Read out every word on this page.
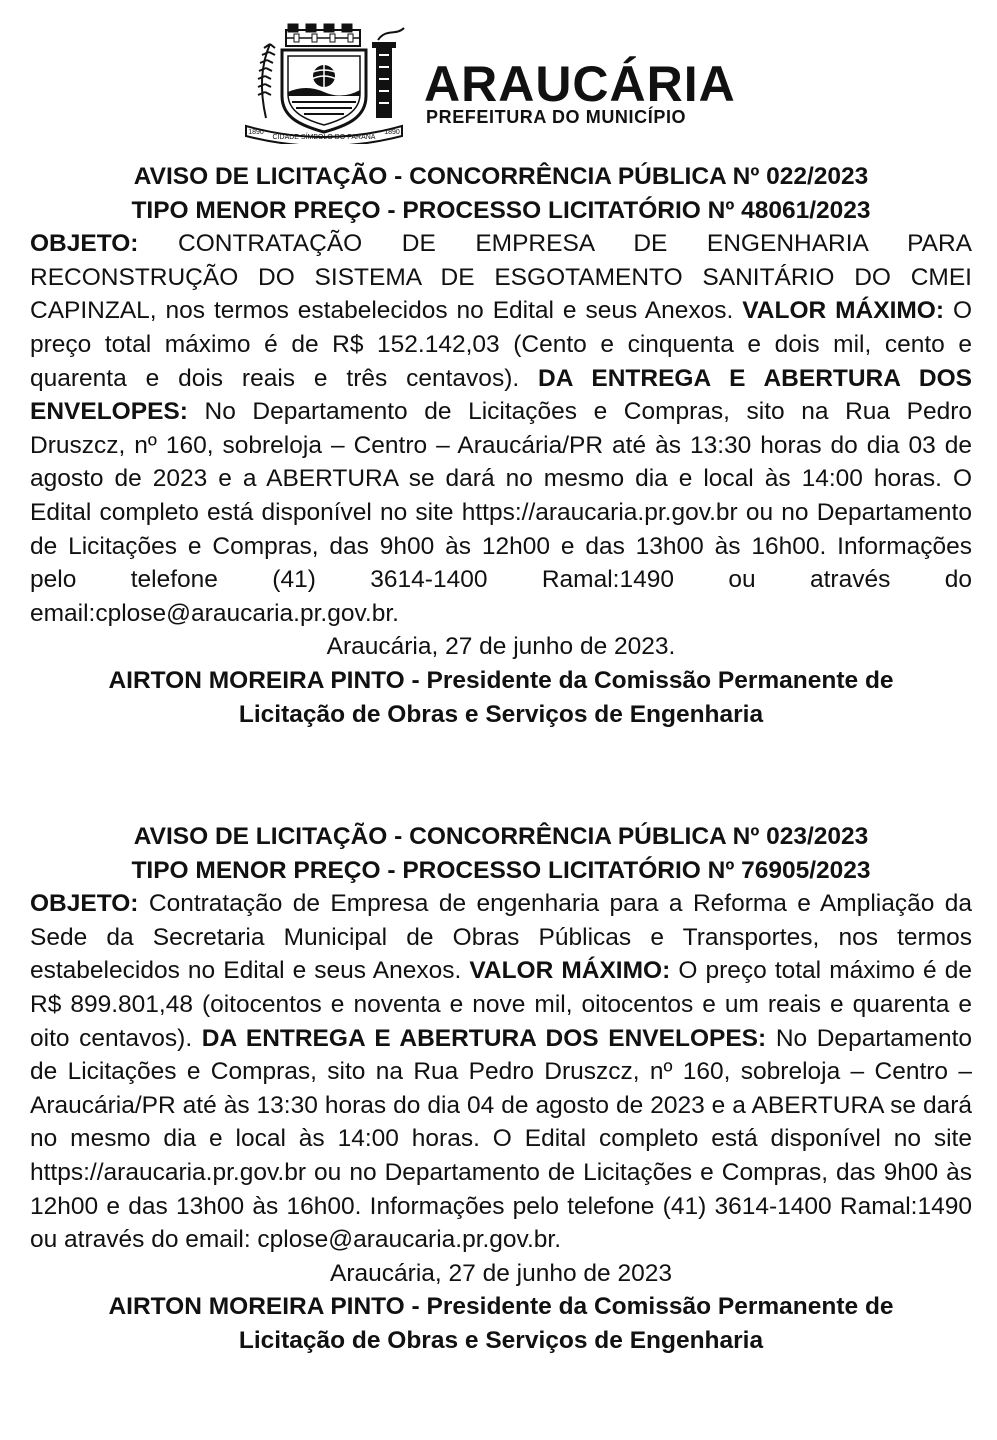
CIDADE SÍMBOLO DO PARANÁ
1890	1890

ARAUCÁRIA

PREFEITURA DO MUNICÍPIO

AVISO DE LICITAÇÃO - CONCORRÊNCIA PÚBLICA Nº 022/2023

TIPO MENOR PREÇO - PROCESSO LICITATÓRIO Nº 48061/2023

OBJETO: CONTRATAÇÃO DE EMPRESA DE ENGENHARIA PARA RECONSTRUÇÃO DO SISTEMA DE ESGOTAMENTO SANITÁRIO DO CMEI CAPINZAL, nos termos estabelecidos no Edital e seus Anexos. VALOR MÁXIMO: O preço total máximo é de R$ 152.142,03 (Cento e cinquenta e dois mil, cento e quarenta e dois reais e três centavos). DA ENTREGA E ABERTURA DOS ENVELOPES: No Departamento de Licitações e Compras, sito na Rua Pedro Druszcz, nº 160, sobreloja – Centro – Araucária/PR até às 13:30 horas do dia 03 de agosto de 2023 e a ABERTURA se dará no mesmo dia e local às 14:00 horas. O Edital completo está disponível no site https://araucaria.pr.gov.br ou no Departamento de Licitações e Compras, das 9h00 às 12h00 e das 13h00 às 16h00. Informações pelo telefone (41) 3614-1400 Ramal:1490 ou através do email:cplose@araucaria.pr.gov.br.

Araucária, 27 de junho de 2023.

AIRTON MOREIRA PINTO - Presidente da Comissão Permanente de

Licitação de Obras e Serviços de Engenharia

AVISO DE LICITAÇÃO - CONCORRÊNCIA PÚBLICA Nº 023/2023

TIPO MENOR PREÇO - PROCESSO LICITATÓRIO Nº 76905/2023

OBJETO: Contratação de Empresa de engenharia para a Reforma e Ampliação da Sede da Secretaria Municipal de Obras Públicas e Transportes, nos termos estabelecidos no Edital e seus Anexos. VALOR MÁXIMO: O preço total máximo é de R$ 899.801,48 (oitocentos e noventa e nove mil, oitocentos e um reais e quarenta e oito centavos). DA ENTREGA E ABERTURA DOS ENVELOPES: No Departamento de Licitações e Compras, sito na Rua Pedro Druszcz, nº 160, sobreloja – Centro – Araucária/PR até às 13:30 horas do dia 04 de agosto de 2023 e a ABERTURA se dará no mesmo dia e local às 14:00 horas. O Edital completo está disponível no site https://araucaria.pr.gov.br ou no Departamento de Licitações e Compras, das 9h00 às 12h00 e das 13h00 às 16h00. Informações pelo telefone (41) 3614-1400 Ramal:1490 ou através do email: cplose@araucaria.pr.gov.br.

Araucária, 27 de junho de 2023

AIRTON MOREIRA PINTO - Presidente da Comissão Permanente de

Licitação de Obras e Serviços de Engenharia
